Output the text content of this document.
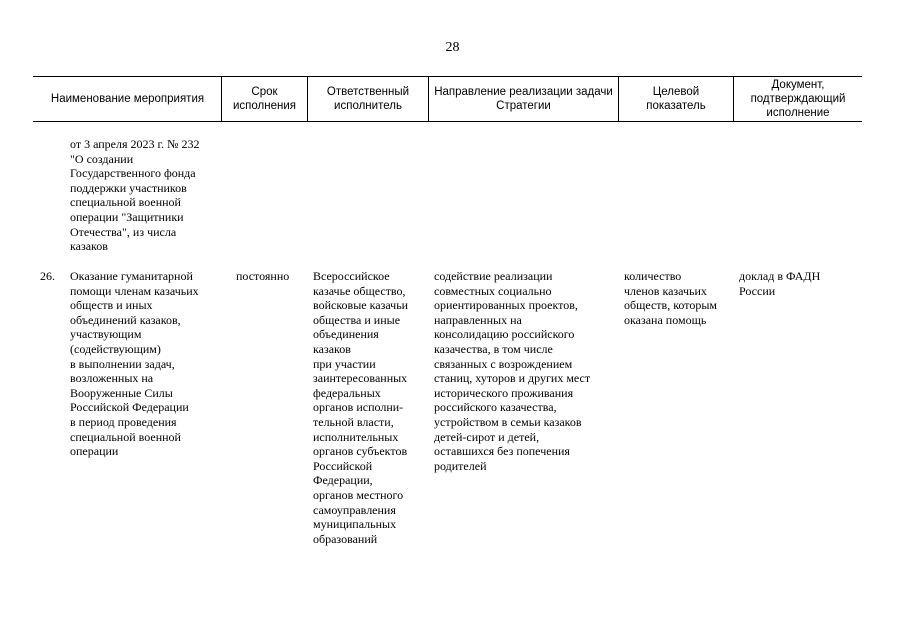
28
Наименование мероприятия
Срок
исполнения
Ответственный
исполнитель
Направление реализации задачи
Стратегии
Целевой
показатель
Документ,
подтверждающий
исполнение
от 3 апреля 2023 г. № 232
"О создании
Государственного фонда
поддержки участников
специальной военной
операции "Защитники
Отечества", из числа
казаков
26.	Оказание гуманитарной
помощи членам казачьих
обществ и иных
объединений казаков,
участвующим
(содействующим)
в выполнении задач,
возложенных на
Вооруженные Силы
Российской Федерации
в период проведения
специальной военной
операции
постоянно	Всероссийское
казачье общество,
войсковые казачьи
общества и иные
объединения
казаков
при участии
заинтересованных
федеральных
органов исполни-
тельной власти,
исполнительных
органов субъектов
Российской
Федерации,
органов местного
самоуправления
муниципальных
образований
содействие реализации
совместных социально
ориентированных проектов,
направленных на
консолидацию российского
казачества, в том числе
связанных с возрождением
станиц, хуторов и других мест
исторического проживания
российского казачества,
устройством в семьи казаков
детей-сирот и детей,
оставшихся без попечения
родителей
количество
членов казачьих
обществ, которым
оказана помощь
доклад в ФАДН
России
